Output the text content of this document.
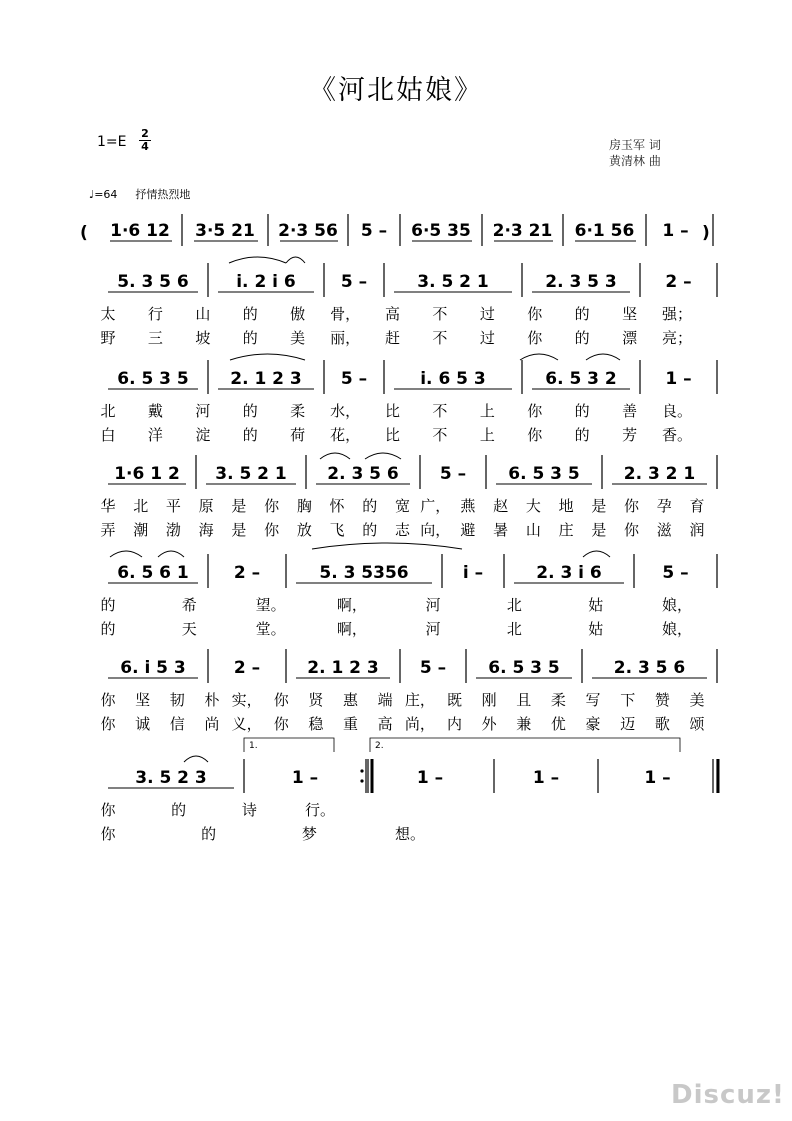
《河北姑娘》
$1=E \frac{2}{4}$	房玉军 词
黄清林 曲
♩=64 抒情热烈地
(	)
1·6 12 3·5 21 2·3 56 5 – 6·5 35 2·3 21 6·1 56 1 –
5. 3 5 6	i. 2 i 6	5 –	3. 5 2 1	2. 3 5 3	2 –
6. 5 3 5 2. 1 2 3 5 –	i. 6 5 3	6. 5 3 2	1 –
1·6 1 2 3. 5 2 1 2. 3 5 6 5 – 6. 5 3 5	2. 3 2 1
6. 5 6 1	2 –	5. 3 5356	i –	2. 3 i 6	5 –
6. i 5 3	2 –	2. 1 2 3 5 – 6. 5 3 5	2. 3 5 6
3. 5 2 3	1 –	1 –	1 –	1 –
1.	2.
太 行 山 的 傲 骨， 高 不 过 你 的 坚 强；
野 三 坡 的 美 丽， 赶 不 过 你 的 漂 亮；
北 戴 河 的 柔 水， 比 不 上 你 的 善 良。
白 洋 淀 的 荷 花， 比 不 上 你 的 芳 香。
华 北 平 原 是 你 胸 怀 的 宽 广， 燕 赵 大 地 是 你 孕 育
弄 潮 渤 海 是 你 放 飞 的 志 向， 避 暑 山 庄 是 你 滋 润
的	希	望。	啊，	河	北	姑	娘，
的	天	堂。	啊，	河	北	姑	娘，
你 坚 韧 朴 实， 你 贤 惠 端 庄， 既 刚 且 柔 写 下 赞 美
你 诚 信 尚 义， 你 稳 重 高 尚， 内 外 兼 优 豪 迈 歌 颂
你	的	诗	行。
你	的	梦	想。
Discuz!
